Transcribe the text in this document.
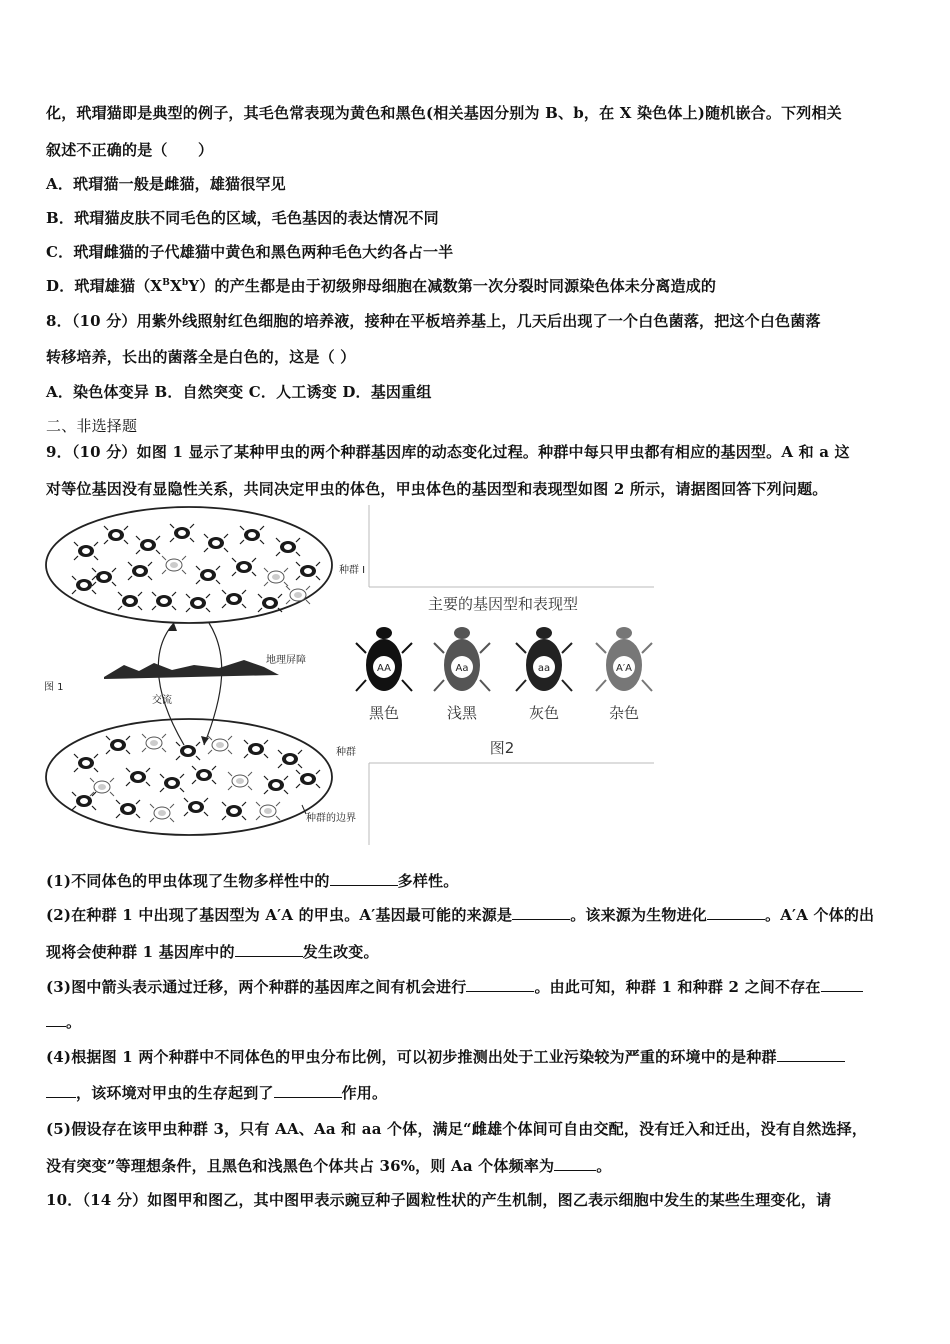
化，玳瑁猫即是典型的例子，其毛色常表现为黄色和黑色(相关基因分别为 B、b，在 X 染色体上)随机嵌合。下列相关
叙述不正确的是（　　）
A．玳瑁猫一般是雌猫，雄猫很罕见
B．玳瑁猫皮肤不同毛色的区域，毛色基因的表达情况不同
C．玳瑁雌猫的子代雄猫中黄色和黑色两种毛色大约各占一半
D．玳瑁雄猫$(X^BX^bY)$的产生都是由于初级卵母细胞在减数第一次分裂时同源染色体未分离造成的
8．（10 分）用紫外线照射红色细胞的培养液，接种在平板培养基上，几天后出现了一个白色菌落，把这个白色菌落
转移培养，长出的菌落全是白色的，这是（ ）
A．染色体变异 B．自然突变 C．人工诱变 D．基因重组
二、非选择题
9．（10 分）如图 1 显示了某种甲虫的两个种群基因库的动态变化过程。种群中每只甲虫都有相应的基因型。A 和 a 这
对等位基因没有显隐性关系，共同决定甲虫的体色，甲虫体色的基因型和表现型如图 2 所示，请据图回答下列问题。
种群 I
地理屏障
图 1
交流
种群
种群的边界
主要的基因型和表现型
AA
黑色
Aa
浅黑
aa
灰色
A′A
杂色
图2
(1)不同体色的甲虫体现了生物多样性中的	多样性。
(2)在种群 1 中出现了基因型为 A′A 的甲虫。A′基因最可能的来源是	。该来源为生物进化	。A′A 个体的出
现将会使种群 1 基因库中的	发生改变。
(3)图中箭头表示通过迁移，两个种群的基因库之间有机会进行	。由此可知，种群 1 和种群 2 之间不存在
。
(4)根据图 1 两个种群中不同体色的甲虫分布比例，可以初步推测出处于工业污染较为严重的环境中的是种群
，该环境对甲虫的生存起到了	作用。
(5)假设存在该甲虫种群 3，只有 AA、Aa 和 aa 个体，满足“雌雄个体间可自由交配，没有迁入和迁出，没有自然选择，
没有突变”等理想条件，且黑色和浅黑色个体共占 36%，则 Aa 个体频率为	。
10．（14 分）如图甲和图乙，其中图甲表示豌豆种子圆粒性状的产生机制，图乙表示细胞中发生的某些生理变化，请
